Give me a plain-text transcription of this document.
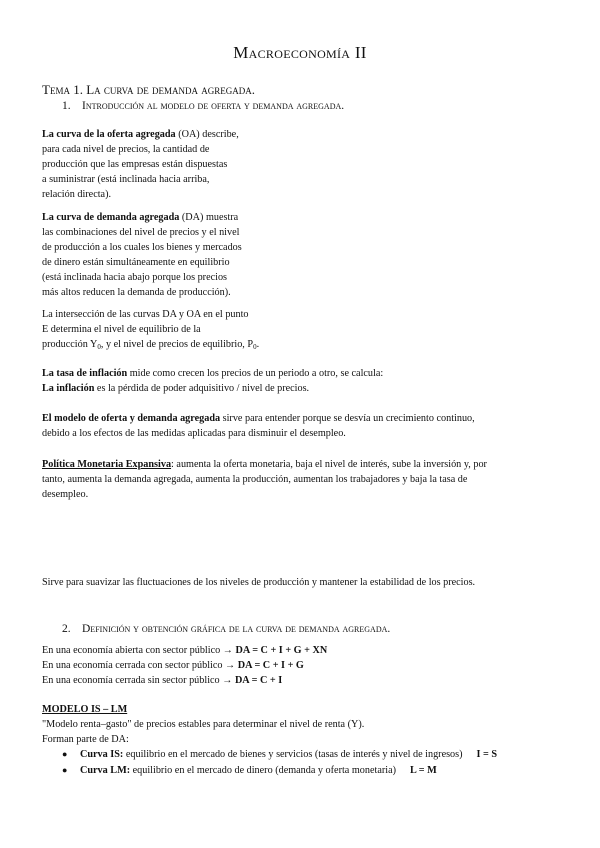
Macroeconomía II
Tema 1. La curva de demanda agregada.
1. Introducción al modelo de oferta y demanda agregada.
La curva de la oferta agregada (OA) describe,
para cada nivel de precios, la cantidad de
producción que las empresas están dispuestas
a suministrar (está inclinada hacia arriba,
relación directa).
La curva de demanda agregada (DA) muestra
las combinaciones del nivel de precios y el nivel
de producción a los cuales los bienes y mercados
de dinero están simultáneamente en equilibrio
(está inclinada hacia abajo porque los precios
más altos reducen la demanda de producción).
La intersección de las curvas DA y OA en el punto
E determina el nivel de equilibrio de la
producción $Y_0$, y el nivel de precios de equilibrio, $P_0$.
La tasa de inflación mide como crecen los precios de un periodo a otro, se calcula:
La inflación es la pérdida de poder adquisitivo / nivel de precios.
El modelo de oferta y demanda agregada sirve para entender porque se desvía un crecimiento continuo,
debido a los efectos de las medidas aplicadas para disminuir el desempleo.
Política Monetaria Expansiva: aumenta la oferta monetaria, baja el nivel de interés, sube la inversión y, por
tanto, aumenta la demanda agregada, aumenta la producción, aumentan los trabajadores y baja la tasa de
desempleo.
Sirve para suavizar las fluctuaciones de los niveles de producción y mantener la estabilidad de los precios.
2. Definición y obtención gráfica de la curva de demanda agregada.
En una economía abierta con sector público → DA = C + I + G + XN
En una economía cerrada con sector público → DA = C + I + G
En una economía cerrada sin sector público → DA = C + I
MODELO IS – LM
"Modelo renta–gasto" de precios estables para determinar el nivel de renta (Y).
Forman parte de DA:
● Curva IS: equilibrio en el mercado de bienes y servicios (tasas de interés y nivel de ingresos) I = S
● Curva LM: equilibrio en el mercado de dinero (demanda y oferta monetaria) L = M
